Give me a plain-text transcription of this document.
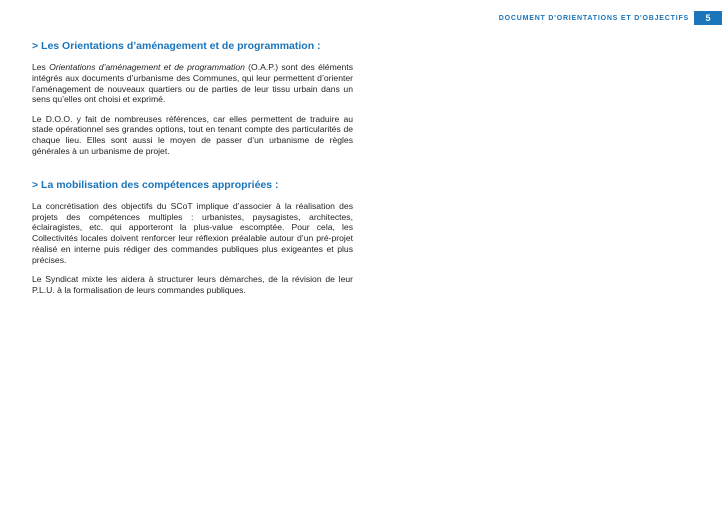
DOCUMENT D'ORIENTATIONS ET D'OBJECTIFS 5
> Les Orientations d’aménagement et de programmation :

Les Orientations d’aménagement et de programmation (O.A.P.) sont des éléments intégrés aux documents d’urbanisme des Communes, qui leur permettent d’orienter l’aménagement de nouveaux quartiers ou de parties de leur tissu urbain dans un sens qu’elles ont choisi et exprimé.

Le D.O.O. y fait de nombreuses références, car elles permettent de traduire au stade opérationnel ses grandes options, tout en tenant compte des particularités de chaque lieu. Elles sont aussi le moyen de passer d’un urbanisme de règles générales à un urbanisme de projet.

> La mobilisation des compétences appropriées :

La concrétisation des objectifs du SCoT implique d’associer à la réalisation des projets des compétences multiples : urbanistes, paysagistes, architectes, éclairagistes, etc. qui apporteront la plus-value escomptée. Pour cela, les Collectivités locales doivent renforcer leur réflexion préalable autour d’un pré-projet réalisé en interne puis rédiger des commandes publiques plus exigeantes et plus précises.

Le Syndicat mixte les aidera à structurer leurs démarches, de la révision de leur P.L.U. à la formalisation de leurs commandes publiques.
